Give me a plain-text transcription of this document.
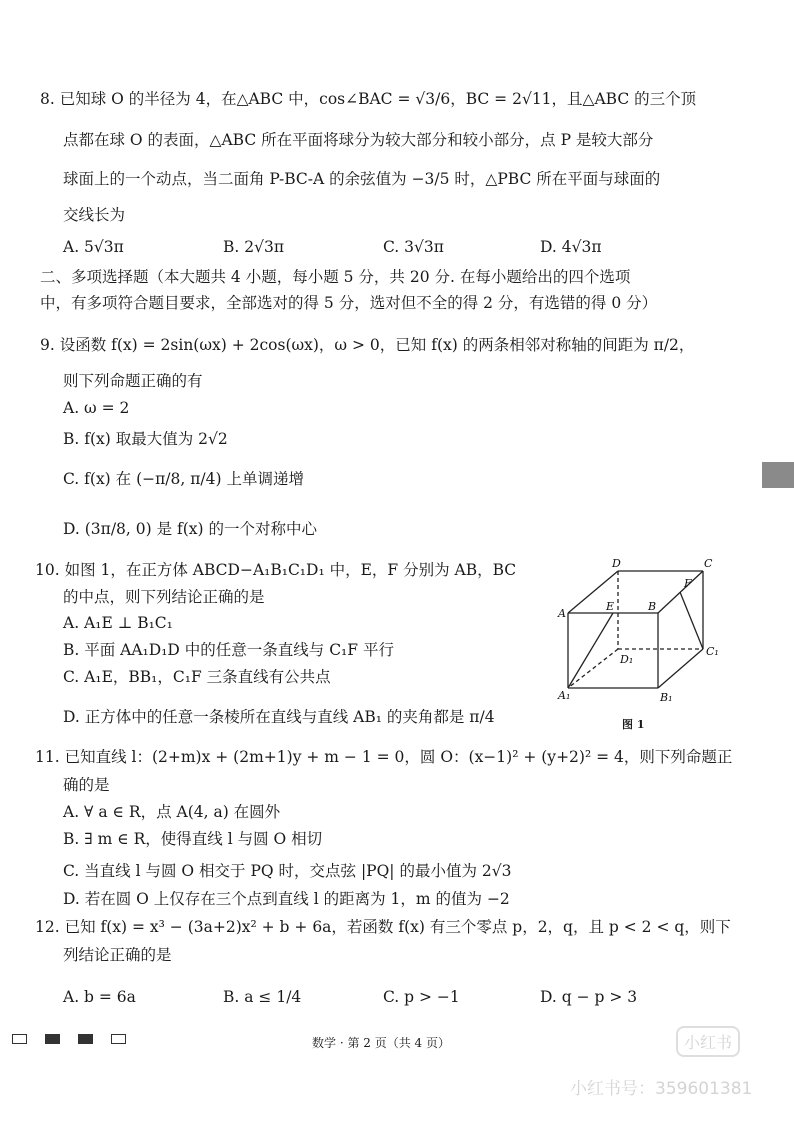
8. 已知球 O 的半径为 4，在△ABC 中，cos∠BAC = √3/6，BC = 2√11，且△ABC 的三个顶
点都在球 O 的表面，△ABC 所在平面将球分为较大部分和较小部分，点 P 是较大部分
球面上的一个动点，当二面角 P-BC-A 的余弦值为 −3/5 时，△PBC 所在平面与球面的
交线长为
A. 5√3π	B. 2√3π	C. 3√3π	D. 4√3π
二、多项选择题（本大题共 4 小题，每小题 5 分，共 20 分. 在每小题给出的四个选项
中，有多项符合题目要求，全部选对的得 5 分，选对但不全的得 2 分，有选错的得 0 分）
9. 设函数 f(x) = 2sin(ωx) + 2cos(ωx)，ω > 0，已知 f(x) 的两条相邻对称轴的间距为 π/2，
则下列命题正确的有
A. ω = 2
B. f(x) 取最大值为 2√2
C. f(x) 在 (−π/8, π/4) 上单调递增
D. (3π/8, 0) 是 f(x) 的一个对称中心
10. 如图 1，在正方体 ABCD−A₁B₁C₁D₁ 中，E，F 分别为 AB，BC
的中点，则下列结论正确的是
A. A₁E ⊥ B₁C₁
B. 平面 AA₁D₁D 中的任意一条直线与 C₁F 平行
C. A₁E，BB₁，C₁F 三条直线有公共点
D. 正方体中的任意一条棱所在直线与直线 AB₁ 的夹角都是 π/4
D	C
F
A
E	B
D₁
C₁
A₁	B₁
图 1
11. 已知直线 l：(2+m)x + (2m+1)y + m − 1 = 0，圆 O：(x−1)² + (y+2)² = 4，则下列命题正
确的是
A. ∀ a ∈ R，点 A(4, a) 在圆外
B. ∃ m ∈ R，使得直线 l 与圆 O 相切
C. 当直线 l 与圆 O 相交于 PQ 时，交点弦 |PQ| 的最小值为 2√3
D. 若在圆 O 上仅存在三个点到直线 l 的距离为 1，m 的值为 −2
12. 已知 f(x) = x³ − (3a+2)x² + b + 6a，若函数 f(x) 有三个零点 p，2，q，且 p < 2 < q，则下
列结论正确的是
A. b = 6a	B. a ≤ 1/4	C. p > −1	D. q − p > 3
数学 · 第 2 页（共 4 页）	小红书
小红书号：359601381
